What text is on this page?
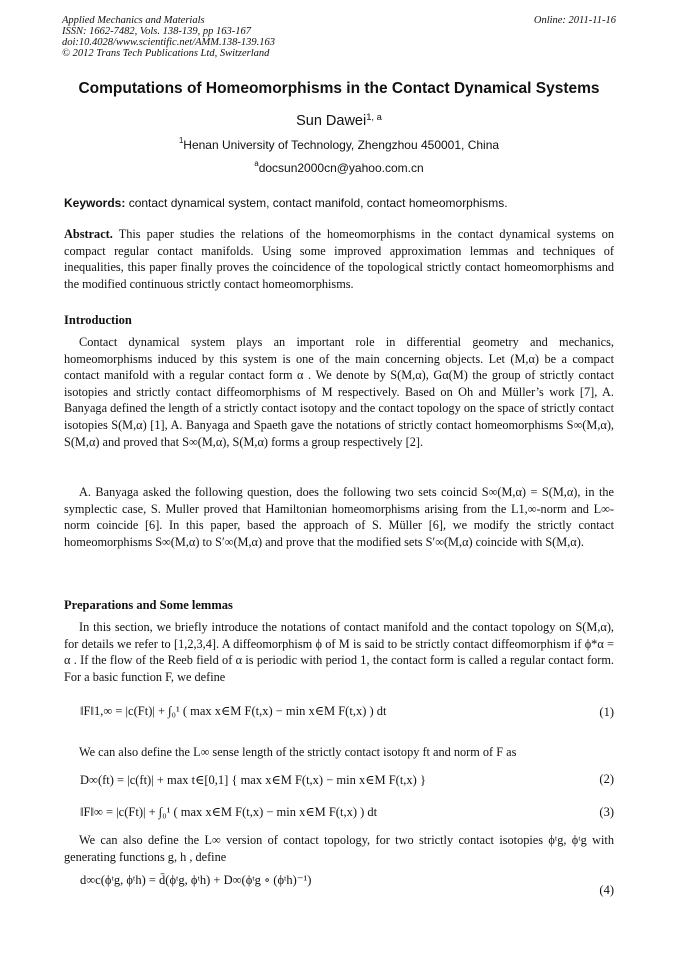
Applied Mechanics and Materials
ISSN: 1662-7482, Vols. 138-139, pp 163-167
doi:10.4028/www.scientific.net/AMM.138-139.163
© 2012 Trans Tech Publications Ltd, Switzerland
Online: 2011-11-16
Computations of Homeomorphisms in the Contact Dynamical Systems
Sun Dawei$^{1, a}$
$^1$Henan University of Technology, Zhengzhou 450001, China
$^a$docsun2000cn@yahoo.com.cn
Keywords: contact dynamical system, contact manifold, contact homeomorphisms.
Abstract. This paper studies the relations of the homeomorphisms in the contact dynamical systems on compact regular contact manifolds. Using some improved approximation lemmas and techniques of inequalities, this paper finally proves the coincidence of the topological strictly contact homeomorphisms and the modified continuous strictly contact homeomorphisms.
Introduction
Contact dynamical system plays an important role in differential geometry and mechanics, homeomorphisms induced by this system is one of the main concerning objects. Let (M,α) be a compact contact manifold with a regular contact form α . We denote by S(M,α), Gα(M) the group of strictly contact isotopies and strictly contact diffeomorphisms of M respectively. Based on Oh and Müller’s work [7], A. Banyaga defined the length of a strictly contact isotopy and the contact topology on the space of strictly contact isotopies S(M,α) [1], A. Banyaga and Spaeth gave the notations of strictly contact homeomorphisms S∞(M,α), S(M,α) and proved that S∞(M,α), S(M,α) forms a group respectively [2].
A. Banyaga asked the following question, does the following two sets coincid S∞(M,α) = S(M,α), in the symplectic case, S. Muller proved that Hamiltonian homeomorphisms arising from the L1,∞-norm and L∞-norm coincide [6]. In this paper, based the approach of S. Müller [6], we modify the strictly contact homeomorphisms S∞(M,α) to S′∞(M,α) and prove that the modified sets S′∞(M,α) coincide with S(M,α).
Preparations and Some lemmas
In this section, we briefly introduce the notations of contact manifold and the contact topology on S(M,α), for details we refer to [1,2,3,4]. A diffeomorphism ϕ of M is said to be strictly contact diffeomorphism if ϕ*α = α . If the flow of the Reeb field of α is periodic with period 1, the contact form is called a regular contact form. For a basic function F, we define
‖F‖1,∞ = |c(Ft)| + ∫₀¹ ( max x∈M F(t,x) − min x∈M F(t,x) ) dt	(1)
We can also define the L∞ sense length of the strictly contact isotopy ft and norm of F as
D∞(ft) = |c(ft)| + max t∈[0,1] { max x∈M F(t,x) − min x∈M F(t,x) }	(2)
‖F‖∞ = |c(Ft)| + ∫₀¹ ( max x∈M F(t,x) − min x∈M F(t,x) ) dt	(3)
We can also define the L∞ version of contact topology, for two strictly contact isotopies ϕᵗg, ϕᵗg with generating functions g, h , define
d∞c(ϕᵗg, ϕᵗh) = d̄(ϕᵗg, ϕᵗh) + D∞(ϕᵗg ∘ (ϕᵗh)⁻¹)
(4)
